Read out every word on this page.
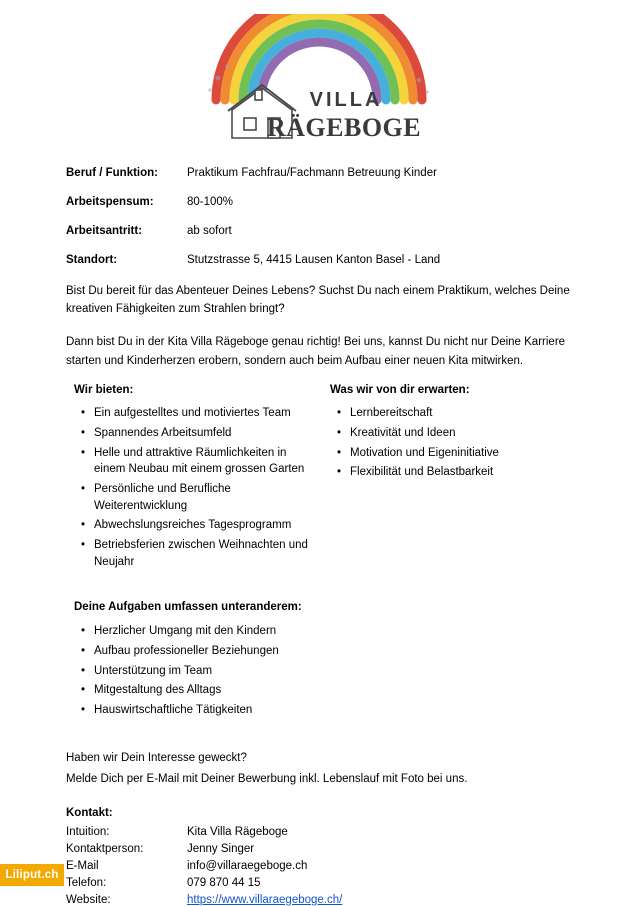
VILLA
RÄGEBOGE
Beruf / Funktion:	Praktikum Fachfrau/Fachmann Betreuung Kinder
Arbeitspensum:	80-100%
Arbeitsantritt:	ab sofort
Standort:	Stutzstrasse 5, 4415 Lausen Kanton Basel - Land

Bist Du bereit für das Abenteuer Deines Lebens? Suchst Du nach einem Praktikum, welches Deine kreativen Fähigkeiten zum Strahlen bringt?

Dann bist Du in der Kita Villa Rägeboge genau richtig! Bei uns, kannst Du nicht nur Deine Karriere starten und Kinderherzen erobern, sondern auch beim Aufbau einer neuen Kita mitwirken.

Wir bieten:
• Ein aufgestelltes und motiviertes Team
• Spannendes Arbeitsumfeld
• Helle und attraktive Räumlichkeiten in einem Neubau mit einem grossen Garten
• Persönliche und Berufliche Weiterentwicklung
• Abwechslungsreiches Tagesprogramm
• Betriebsferien zwischen Weihnachten und Neujahr
Was wir von dir erwarten:
• Lernbereitschaft
• Kreativität und Ideen
• Motivation und Eigeninitiative
• Flexibilität und Belastbarkeit
Deine Aufgaben umfassen unteranderem:
• Herzlicher Umgang mit den Kindern
• Aufbau professioneller Beziehungen
• Unterstützung im Team
• Mitgestaltung des Alltags
• Hauswirtschaftliche Tätigkeiten

Haben wir Dein Interesse geweckt?

Melde Dich per E-Mail mit Deiner Bewerbung inkl. Lebenslauf mit Foto bei uns.

Kontakt:
Intuition:	Kita Villa Rägeboge
Kontaktperson:	Jenny Singer
E-Mail	info@villaraegeboge.ch
Telefon:	079 870 44 15
Website:	https://www.villaraegeboge.ch/
Liliput.ch
